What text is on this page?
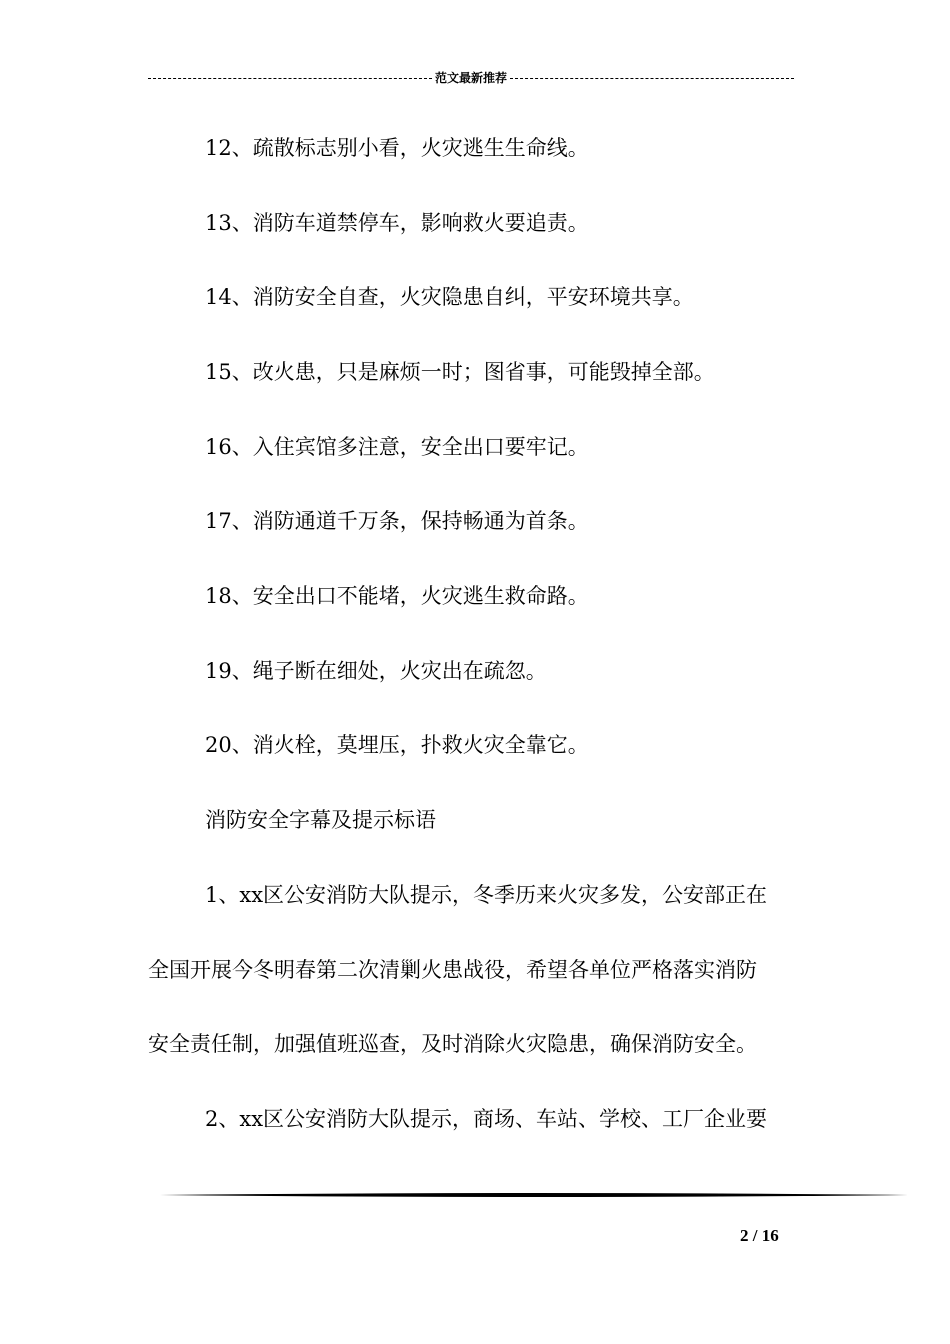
范文最新推荐
12、疏散标志别小看，火灾逃生生命线。
13、消防车道禁停车，影响救火要追责。
14、消防安全自查，火灾隐患自纠，平安环境共享。
15、改火患，只是麻烦一时；图省事，可能毁掉全部。
16、入住宾馆多注意，安全出口要牢记。
17、消防通道千万条，保持畅通为首条。
18、安全出口不能堵，火灾逃生救命路。
19、绳子断在细处，火灾出在疏忽。
20、消火栓，莫埋压，扑救火灾全靠它。
消防安全字幕及提示标语
1、xx区公安消防大队提示，冬季历来火灾多发，公安部正在
全国开展今冬明春第二次清剿火患战役，希望各单位严格落实消防
安全责任制，加强值班巡查，及时消除火灾隐患，确保消防安全。
2、xx区公安消防大队提示，商场、车站、学校、工厂企业要
2 / 16
